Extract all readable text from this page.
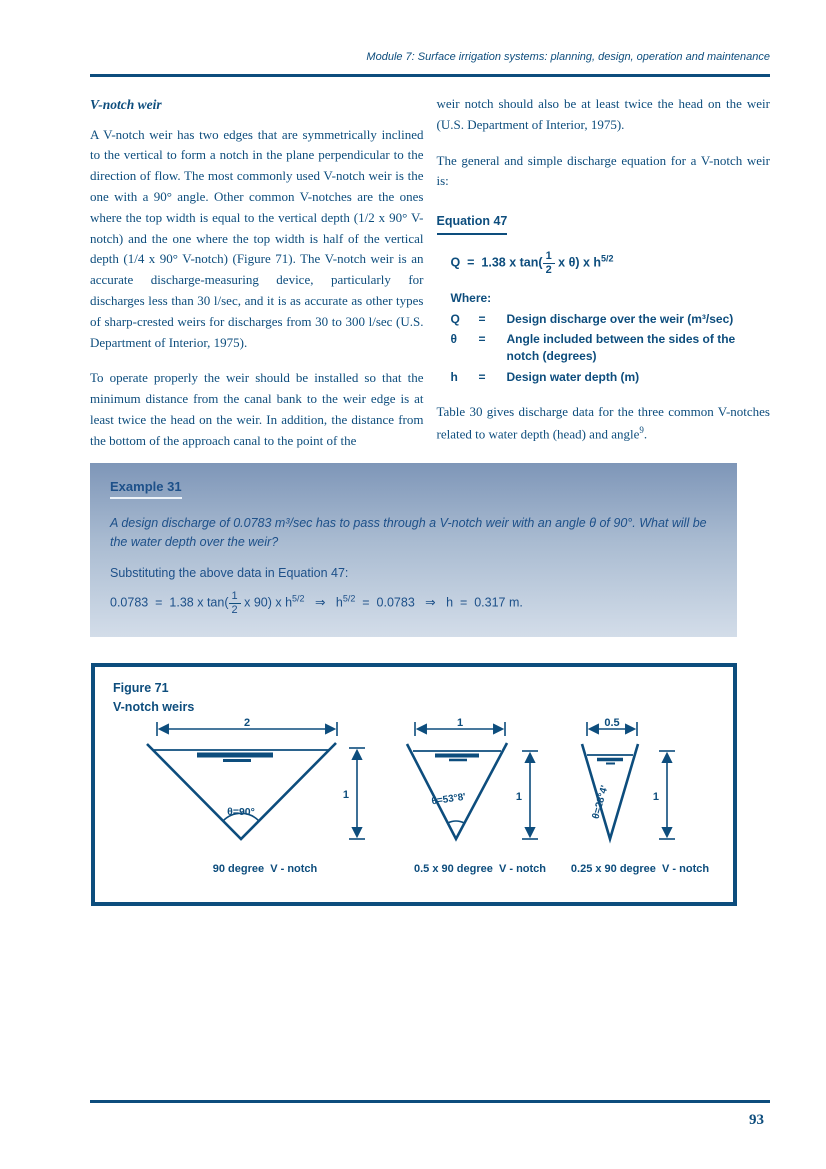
Module 7: Surface irrigation systems: planning, design, operation and maintenance
V-notch weir

A V-notch weir has two edges that are symmetrically inclined to the vertical to form a notch in the plane perpendicular to the direction of flow. The most commonly used V-notch weir is the one with a 90° angle. Other common V-notches are the ones where the top width is equal to the vertical depth (1/2 x 90° V-notch) and the one where the top width is half of the vertical depth (1/4 x 90° V-notch) (Figure 71). The V-notch weir is an accurate discharge-measuring device, particularly for discharges less than 30 l/sec, and it is as accurate as other types of sharp-crested weirs for discharges from 30 to 300 l/sec (U.S. Department of Interior, 1975).

To operate properly the weir should be installed so that the minimum distance from the canal bank to the weir edge is at least twice the head on the weir. In addition, the distance from the bottom of the approach canal to the point of the

weir notch should also be at least twice the head on the weir (U.S. Department of Interior, 1975).

The general and simple discharge equation for a V-notch weir is:

Equation 47
Q  =  1.38 x $\tan( \frac{1}{2}$ x θ) x $h^{5/2}$
Where:
Q	=	Design discharge over the weir (m³/sec)
θ	=	Angle included between the sides of the notch (degrees)
h	=	Design water depth (m)

Table 30 gives discharge data for the three common V-notches related to water depth (head) and angle$^9$.

Example 31
A design discharge of 0.0783 m³/sec has to pass through a V-notch weir with an angle θ of 90°. What will be the water depth over the weir?
Substituting the above data in Equation 47:
0.0783  =  1.38 x $\tan( \frac{1}{2}$ x 90) x $h^{5/2}$   ⇒   $h^{5/2} = 0.0783$   ⇒   h  =  0.317 m.
Figure 71
V-notch weirs
2
θ=90°
1
90 degree  V - notch
1
θ=53°8'	1
0.5 x 90 degree  V - notch
0.5
θ=28°4'	1
0.25 x 90 degree  V - notch
93
